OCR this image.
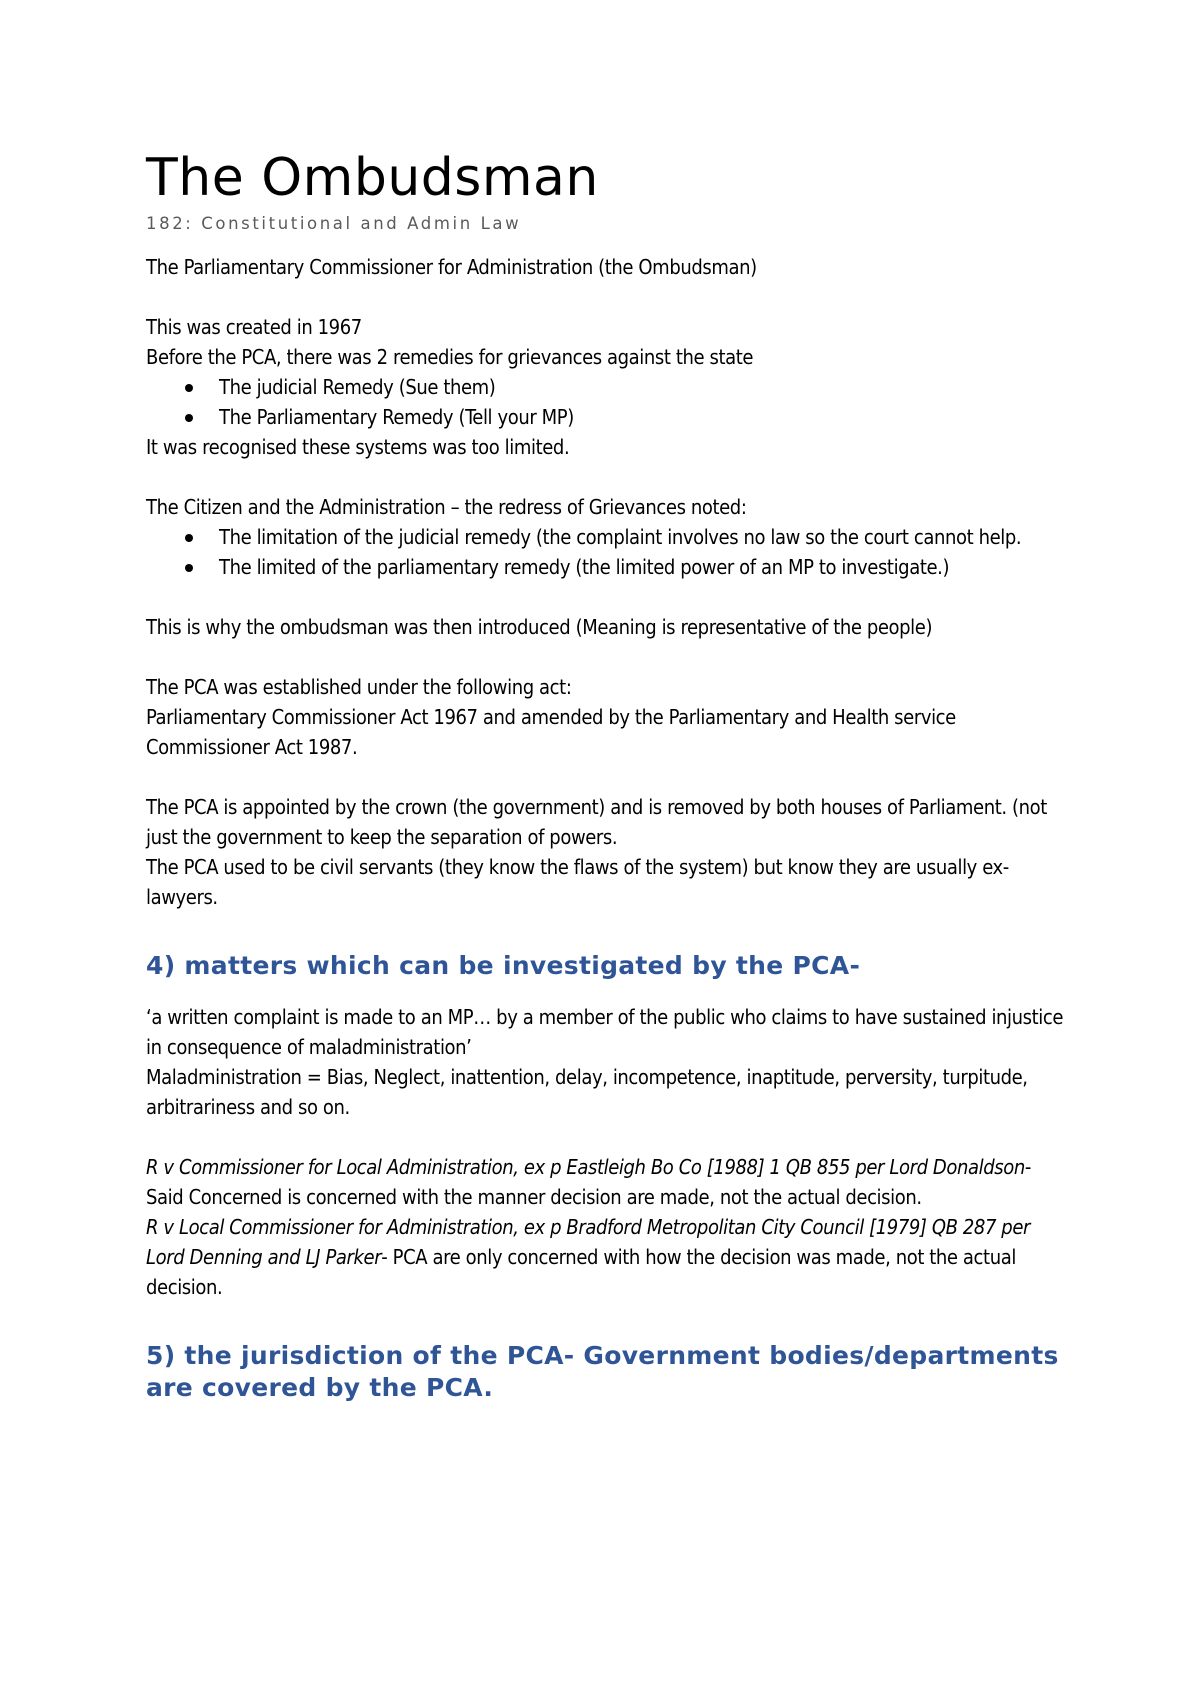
The Ombudsman
182: Constitutional and Admin Law

The Parliamentary Commissioner for Administration (the Ombudsman)

This was created in 1967

Before the PCA, there was 2 remedies for grievances against the state

The judicial Remedy (Sue them)
The Parliamentary Remedy (Tell your MP)

It was recognised these systems was too limited.

The Citizen and the Administration – the redress of Grievances noted:

The limitation of the judicial remedy (the complaint involves no law so the court cannot help.
The limited of the parliamentary remedy (the limited power of an MP to investigate.)

This is why the ombudsman was then introduced (Meaning is representative of the people)

The PCA was established under the following act:

Parliamentary Commissioner Act 1967 and amended by the Parliamentary and Health service Commissioner Act 1987.

The PCA is appointed by the crown (the government) and is removed by both houses of Parliament. (not just the government to keep the separation of powers.

The PCA used to be civil servants (they know the flaws of the system) but know they are usually ex-lawyers.

4) matters which can be investigated by the PCA-

‘a written complaint is made to an MP… by a member of the public who claims to have sustained injustice in consequence of maladministration’

Maladministration = Bias, Neglect, inattention, delay, incompetence, inaptitude, perversity, turpitude, arbitrariness and so on.

R v Commissioner for Local Administration, ex p Eastleigh Bo Co [1988] 1 QB 855 per Lord Donaldson- Said Concerned is concerned with the manner decision are made, not the actual decision.

R v Local Commissioner for Administration, ex p Bradford Metropolitan City Council [1979] QB 287 per Lord Denning and LJ Parker- PCA are only concerned with how the decision was made, not the actual decision.

5) the jurisdiction of the PCA- Government bodies/departments are covered by the PCA.
